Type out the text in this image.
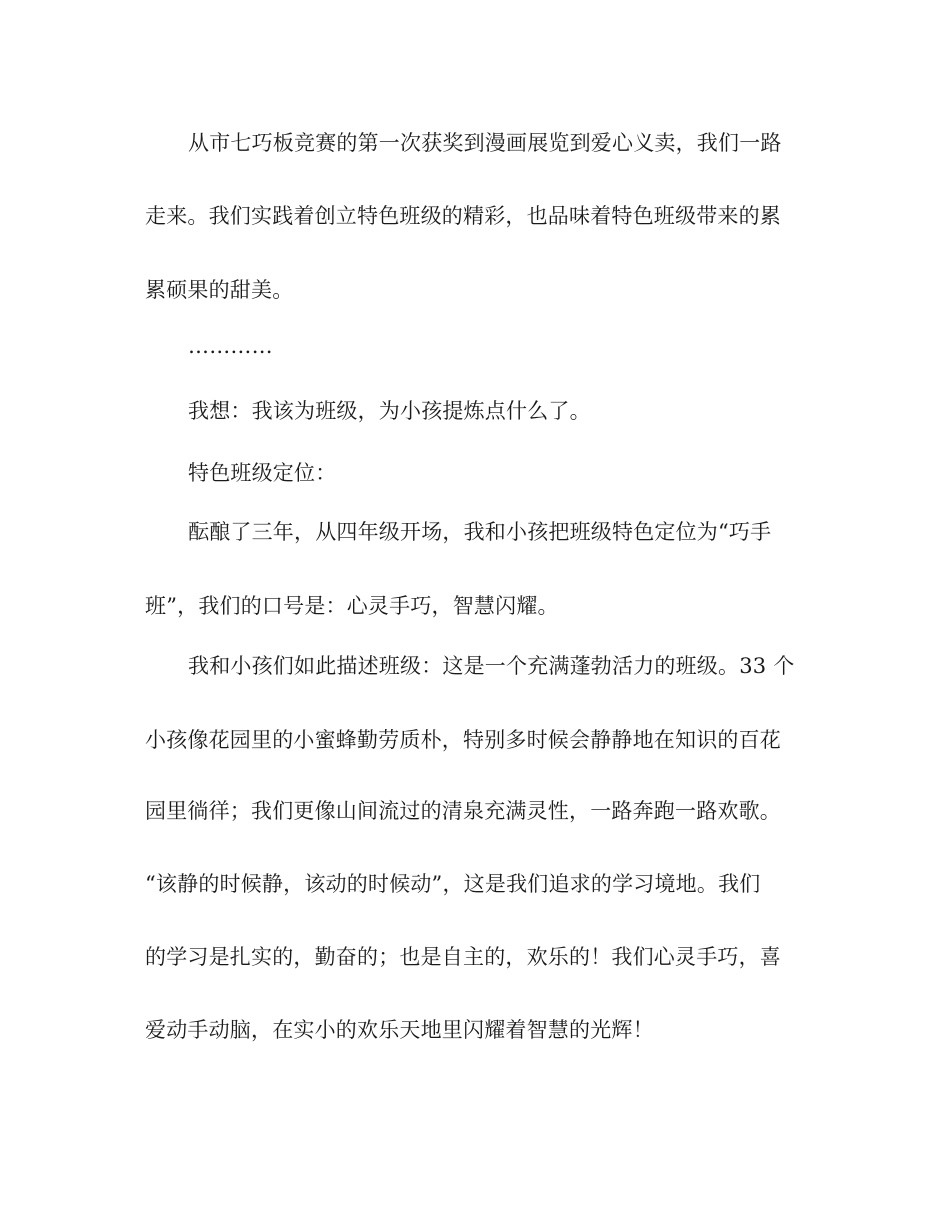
从市七巧板竞赛的第一次获奖到漫画展览到爱心义卖，我们一路
走来。我们实践着创立特色班级的精彩，也品味着特色班级带来的累
累硕果的甜美。
…………
我想：我该为班级，为小孩提炼点什么了。
特色班级定位：
酝酿了三年，从四年级开场，我和小孩把班级特色定位为“巧手
班”，我们的口号是：心灵手巧，智慧闪耀。
我和小孩们如此描述班级：这是一个充满蓬勃活力的班级。33 个
小孩像花园里的小蜜蜂勤劳质朴，特别多时候会静静地在知识的百花
园里徜徉；我们更像山间流过的清泉充满灵性，一路奔跑一路欢歌。
“该静的时候静，该动的时候动”，这是我们追求的学习境地。我们
的学习是扎实的，勤奋的；也是自主的，欢乐的！我们心灵手巧，喜
爱动手动脑，在实小的欢乐天地里闪耀着智慧的光辉！
